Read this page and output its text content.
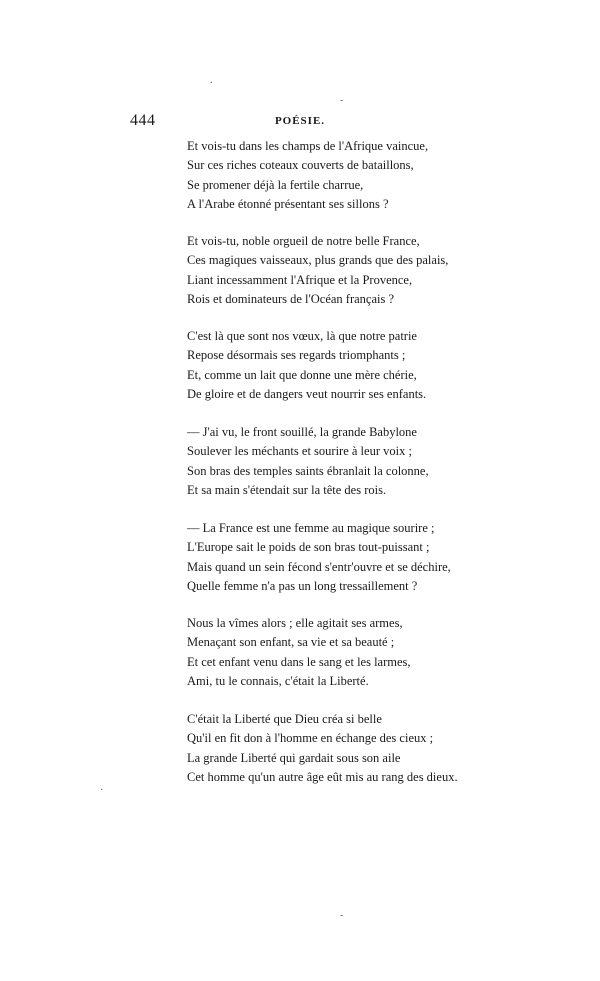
444	POÉSIE.
Et vois-tu dans les champs de l'Afrique vaincue,
Sur ces riches coteaux couverts de bataillons,
Se promener déjà la fertile charrue,
A l'Arabe étonné présentant ses sillons ?
Et vois-tu, noble orgueil de notre belle France,
Ces magiques vaisseaux, plus grands que des palais,
Liant incessamment l'Afrique et la Provence,
Rois et dominateurs de l'Océan français ?
C'est là que sont nos vœux, là que notre patrie
Repose désormais ses regards triomphants ;
Et, comme un lait que donne une mère chérie,
De gloire et de dangers veut nourrir ses enfants.
— J'ai vu, le front souillé, la grande Babylone
Soulever les méchants et sourire à leur voix ;
Son bras des temples saints ébranlait la colonne,
Et sa main s'étendait sur la tête des rois.
— La France est une femme au magique sourire ;
L'Europe sait le poids de son bras tout-puissant ;
Mais quand un sein fécond s'entr'ouvre et se déchire,
Quelle femme n'a pas un long tressaillement ?
Nous la vîmes alors ; elle agitait ses armes,
Menaçant son enfant, sa vie et sa beauté ;
Et cet enfant venu dans le sang et les larmes,
Ami, tu le connais, c'était la Liberté.
C'était la Liberté que Dieu créa si belle
Qu'il en fit don à l'homme en échange des cieux ;
La grande Liberté qui gardait sous son aile
Cet homme qu'un autre âge eût mis au rang des dieux.
.
-
·
-
